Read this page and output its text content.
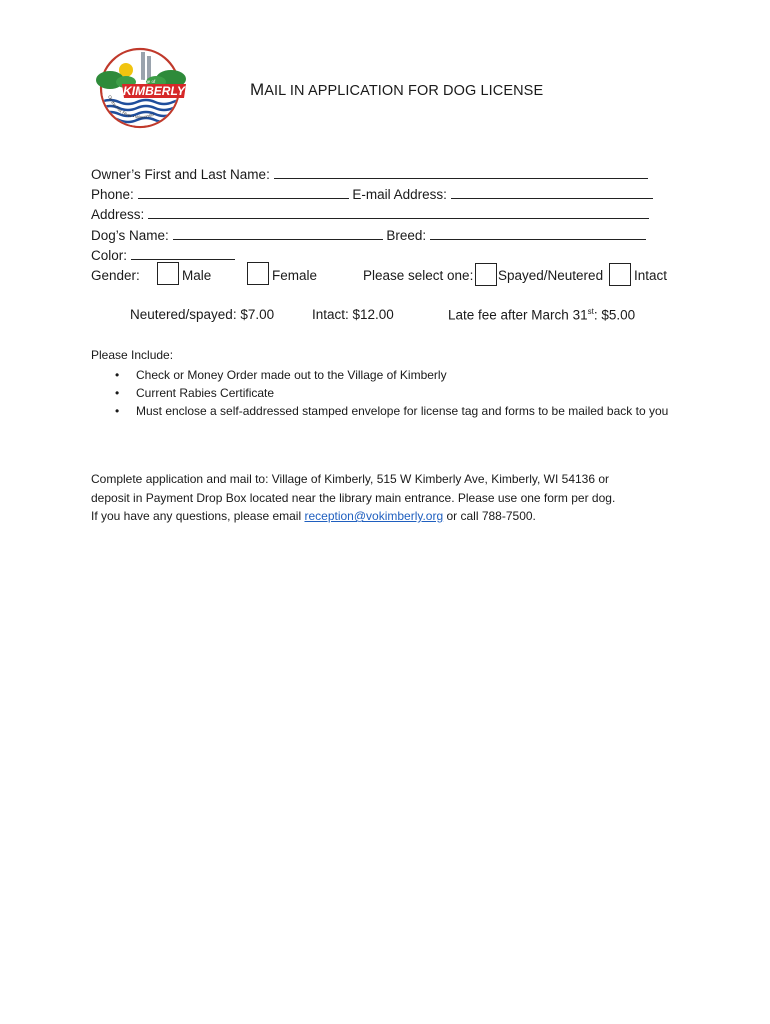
KIMBERLY
Village of
On the Fox River • Wisconsin
MAIL IN APPLICATION FOR DOG LICENSE
Owner’s First and Last Name:
Phone:	E-mail Address:
Address:
Dog’s Name:	Breed:
Color:
Gender:	Male	Female	Please select one: Spayed/Neutered Intact
Neutered/spayed: $7.00	Intact: $12.00	Late fee after March 31st: $5.00
Please Include:
• Check or Money Order made out to the Village of Kimberly
• Current Rabies Certificate
• Must enclose a self-addressed stamped envelope for license tag and forms to be mailed back to you
Complete application and mail to: Village of Kimberly, 515 W Kimberly Ave, Kimberly, WI 54136 or
deposit in Payment Drop Box located near the library main entrance. Please use one form per dog.
If you have any questions, please email reception@vokimberly.org or call 788-7500.
